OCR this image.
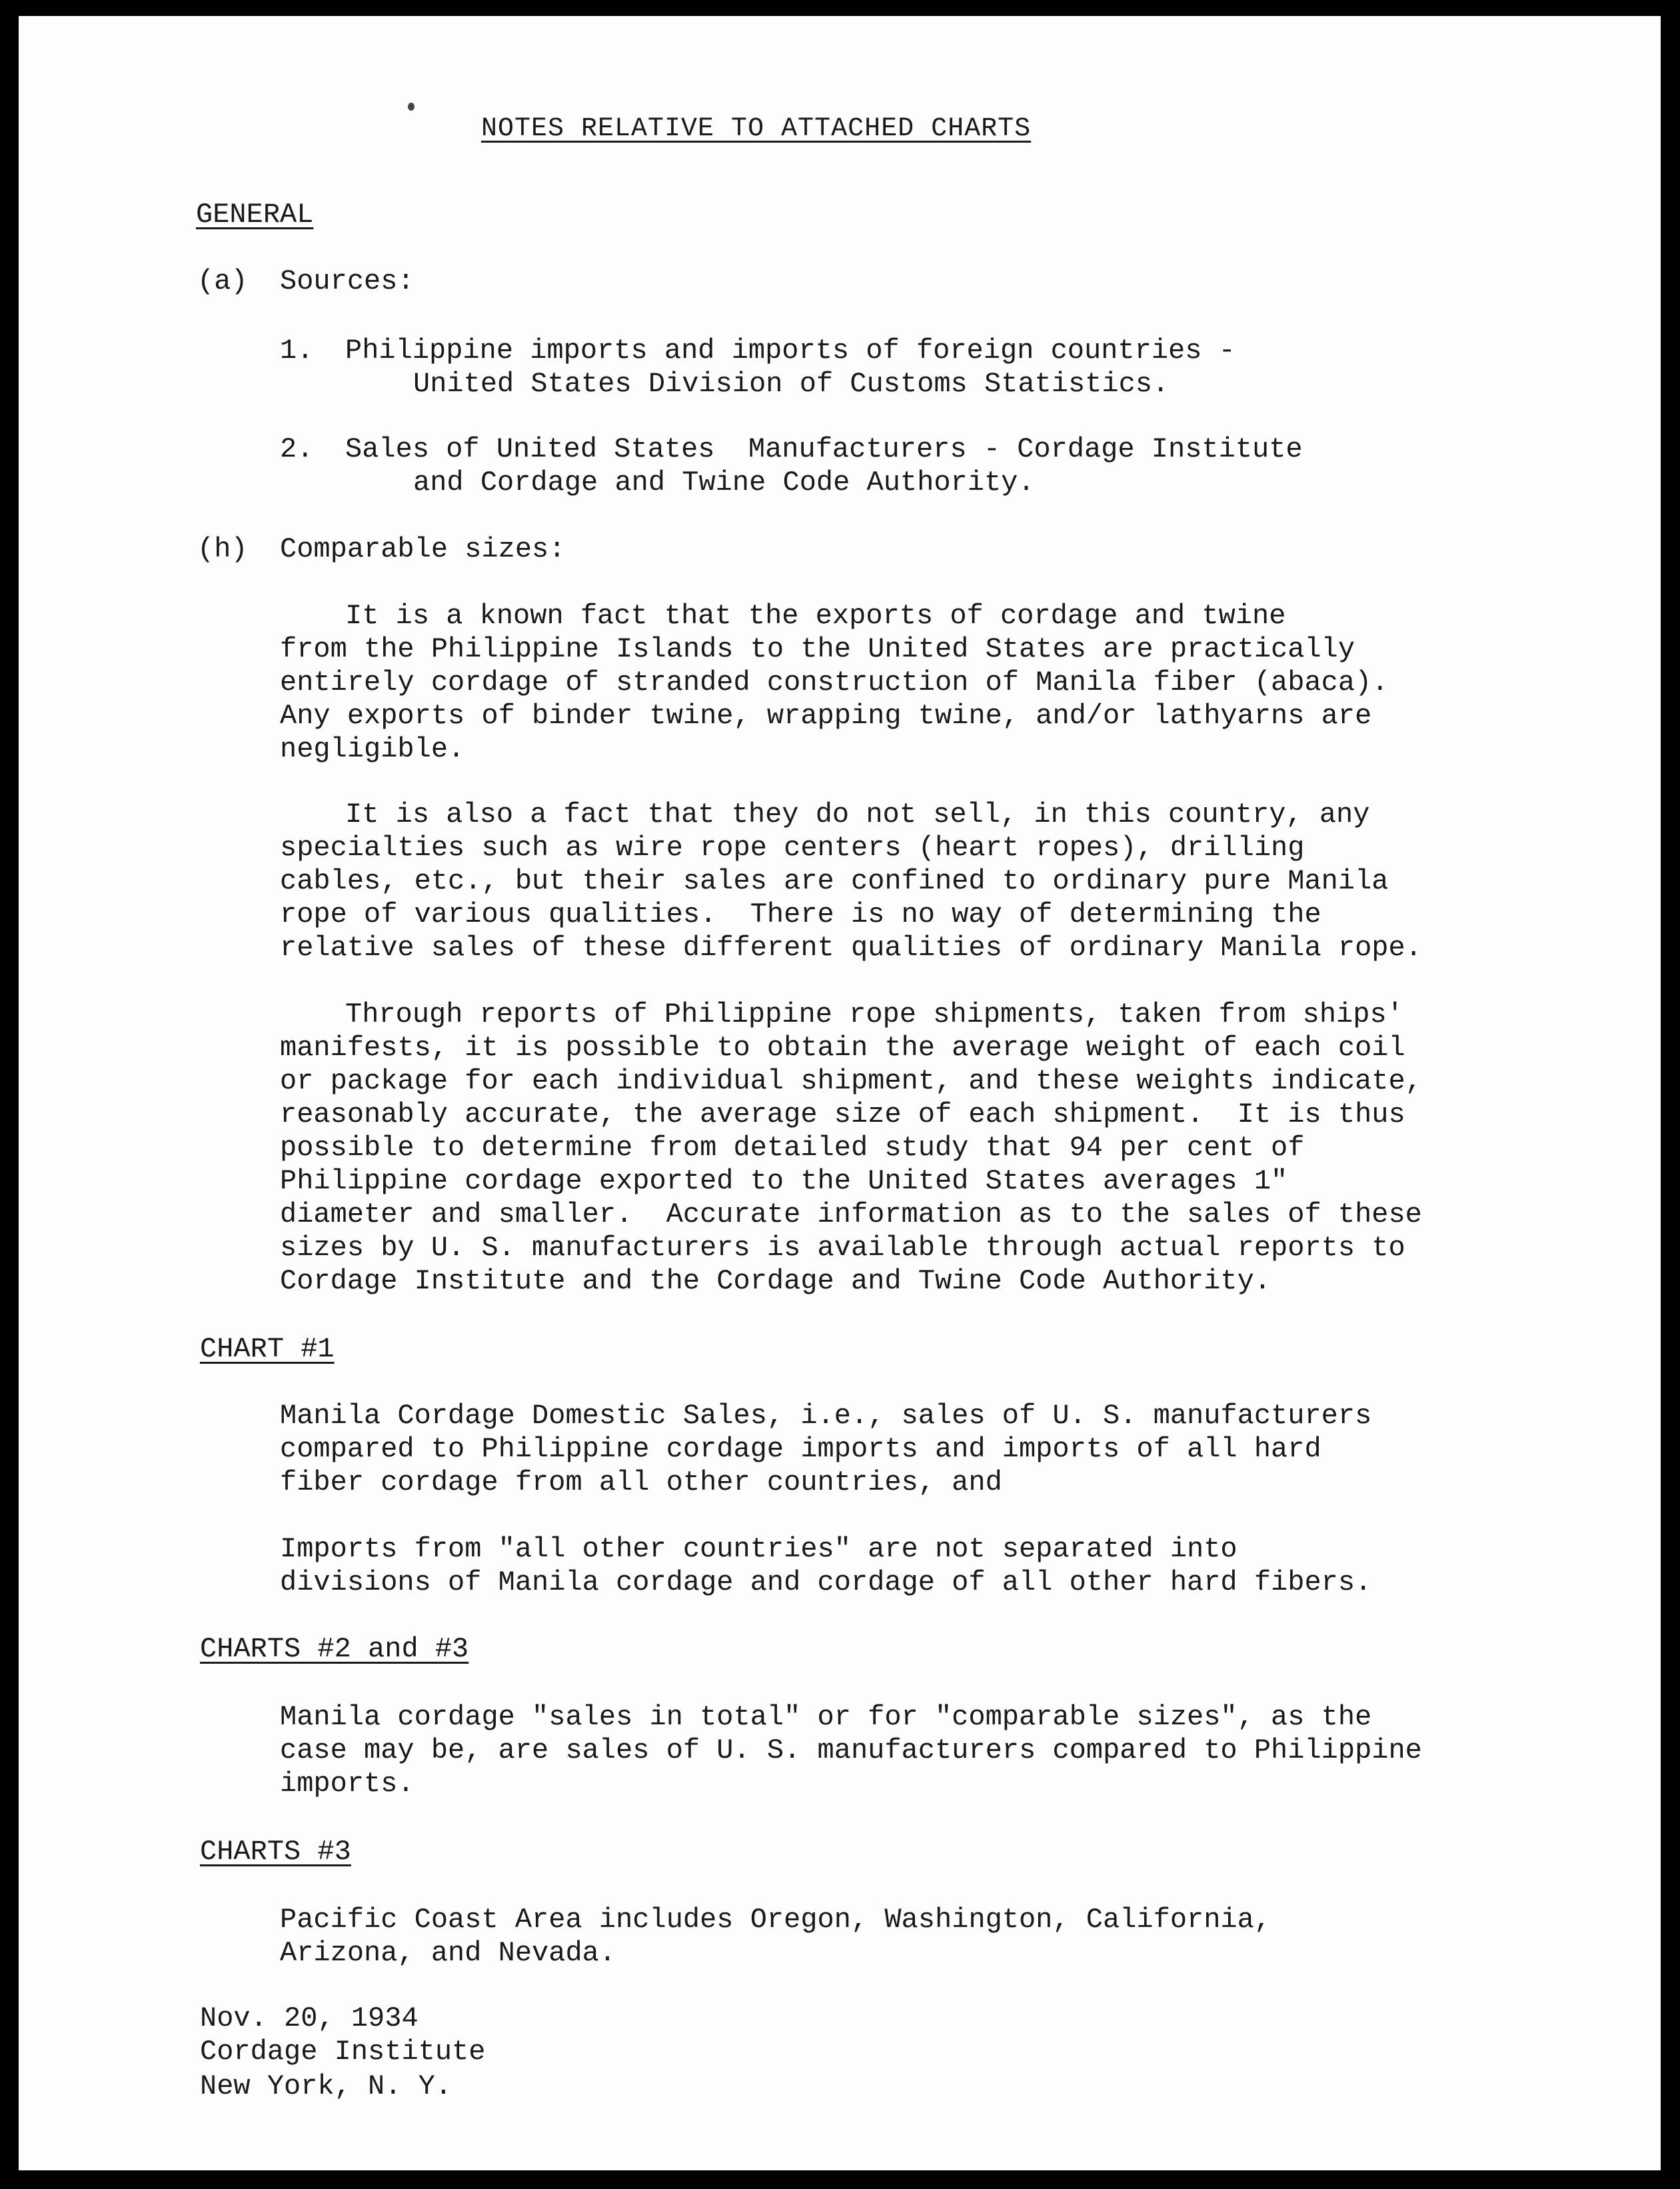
NOTES RELATIVE TO ATTACHED CHARTS
GENERAL
(a) Sources:
1. Philippine imports and imports of foreign countries -
United States Division of Customs Statistics.
2. Sales of United States  Manufacturers - Cordage Institute
and Cordage and Twine Code Authority.
(h) Comparable sizes:
It is a known fact that the exports of cordage and twine
from the Philippine Islands to the United States are practically
entirely cordage of stranded construction of Manila fiber (abaca).
Any exports of binder twine, wrapping twine, and/or lathyarns are
negligible.
It is also a fact that they do not sell, in this country, any
specialties such as wire rope centers (heart ropes), drilling
cables, etc., but their sales are confined to ordinary pure Manila
rope of various qualities.  There is no way of determining the
relative sales of these different qualities of ordinary Manila rope.
Through reports of Philippine rope shipments, taken from ships'
manifests, it is possible to obtain the average weight of each coil
or package for each individual shipment, and these weights indicate,
reasonably accurate, the average size of each shipment.  It is thus
possible to determine from detailed study that 94 per cent of
Philippine cordage exported to the United States averages 1"
diameter and smaller.  Accurate information as to the sales of these
sizes by U. S. manufacturers is available through actual reports to
Cordage Institute and the Cordage and Twine Code Authority.
CHART #1
Manila Cordage Domestic Sales, i.e., sales of U. S. manufacturers
compared to Philippine cordage imports and imports of all hard
fiber cordage from all other countries, and
Imports from "all other countries" are not separated into
divisions of Manila cordage and cordage of all other hard fibers.
CHARTS #2 and #3
Manila cordage "sales in total" or for "comparable sizes", as the
case may be, are sales of U. S. manufacturers compared to Philippine
imports.
CHARTS #3
Pacific Coast Area includes Oregon, Washington, California,
Arizona, and Nevada.
Nov. 20, 1934
Cordage Institute
New York, N. Y.
